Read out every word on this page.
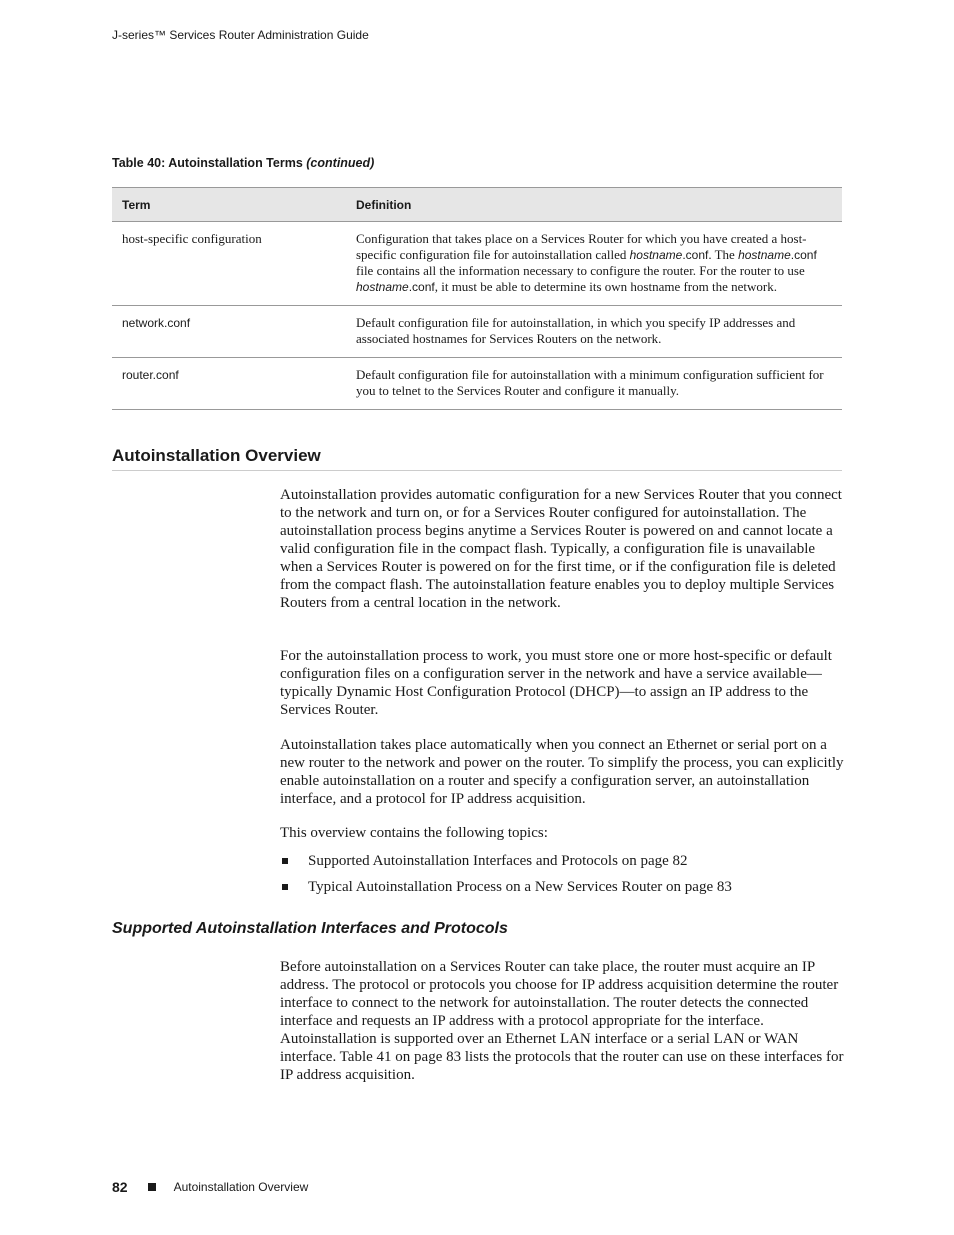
J-series™ Services Router Administration Guide
Table 40: Autoinstallation Terms (continued)
Term	Definition
host-specific configuration	Configuration that takes place on a Services Router for which you have created a host-specific configuration file for autoinstallation called hostname.conf. The hostname.conf file contains all the information necessary to configure the router. For the router to use hostname.conf, it must be able to determine its own hostname from the network.
network.conf	Default configuration file for autoinstallation, in which you specify IP addresses and associated hostnames for Services Routers on the network.
router.conf	Default configuration file for autoinstallation with a minimum configuration sufficient for you to telnet to the Services Router and configure it manually.
Autoinstallation Overview

Autoinstallation provides automatic configuration for a new Services Router that you connect to the network and turn on, or for a Services Router configured for autoinstallation. The autoinstallation process begins anytime a Services Router is powered on and cannot locate a valid configuration file in the compact flash. Typically, a configuration file is unavailable when a Services Router is powered on for the first time, or if the configuration file is deleted from the compact flash. The autoinstallation feature enables you to deploy multiple Services Routers from a central location in the network.

For the autoinstallation process to work, you must store one or more host-specific or default configuration files on a configuration server in the network and have a service available—typically Dynamic Host Configuration Protocol (DHCP)—to assign an IP address to the Services Router.

Autoinstallation takes place automatically when you connect an Ethernet or serial port on a new router to the network and power on the router. To simplify the process, you can explicitly enable autoinstallation on a router and specify a configuration server, an autoinstallation interface, and a protocol for IP address acquisition.

This overview contains the following topics:

Supported Autoinstallation Interfaces and Protocols on page 82
Typical Autoinstallation Process on a New Services Router on page 83
Supported Autoinstallation Interfaces and Protocols

Before autoinstallation on a Services Router can take place, the router must acquire an IP address. The protocol or protocols you choose for IP address acquisition determine the router interface to connect to the network for autoinstallation. The router detects the connected interface and requests an IP address with a protocol appropriate for the interface. Autoinstallation is supported over an Ethernet LAN interface or a serial LAN or WAN interface. Table 41 on page 83 lists the protocols that the router can use on these interfaces for IP address acquisition.

82	Autoinstallation Overview
